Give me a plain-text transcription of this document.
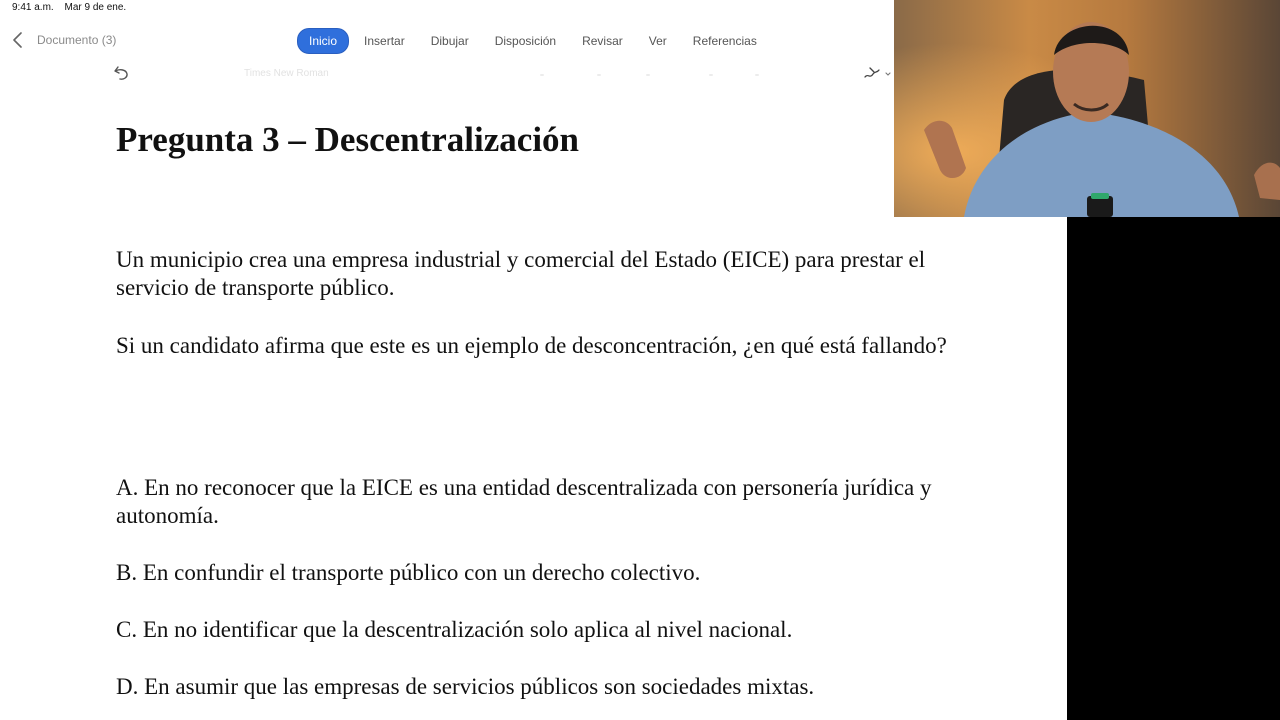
9:41 a.m. Mar 9 de ene.
Documento (3)	Inicio	Insertar	Dibujar	Disposición	Revisar	Ver	Referencias
Times New Roman
Pregunta 3 – Descentralización

Un municipio crea una empresa industrial y comercial del Estado (EICE) para prestar el servicio de transporte público.

Si un candidato afirma que este es un ejemplo de desconcentración, ¿en qué está fallando?

A. En no reconocer que la EICE es una entidad descentralizada con personería jurídica y autonomía.

B. En confundir el transporte público con un derecho colectivo.

C. En no identificar que la descentralización solo aplica al nivel nacional.

D. En asumir que las empresas de servicios públicos son sociedades mixtas.
